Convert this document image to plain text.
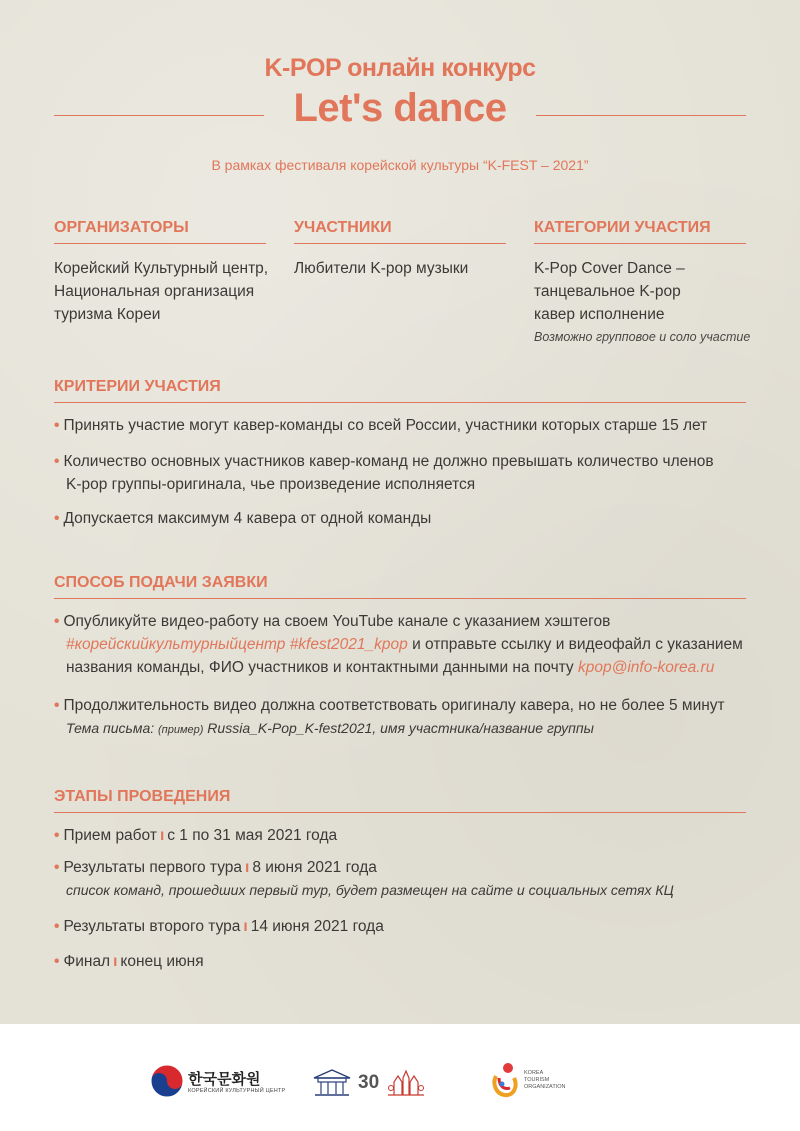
K-POP онлайн конкурс
Let's dance
В рамках фестиваля корейской культуры “K-FEST – 2021”
ОРГАНИЗАТОРЫ
Корейский Культурный центр,
Национальная организация
туризма Кореи
УЧАСТНИКИ
Любители K-pop музыки
КАТЕГОРИИ УЧАСТИЯ
K-Pop Cover Dance –
танцевальное K-pop
кавер исполнение
Возможно групповое и соло участие
КРИТЕРИИ УЧАСТИЯ
• Принять участие могут кавер-команды со всей России, участники которых старше 15 лет
• Количество основных участников кавер-команд не должно превышать количество членов
K-pop группы-оригинала, чье произведение исполняется
• Допускается максимум 4 кавера от одной команды
СПОСОБ ПОДАЧИ ЗАЯВКИ
• Опубликуйте видео-работу на своем YouTube канале с указанием хэштегов
#корейскийкультурныйцентр #kfest2021_kpop и отправьте ссылку и видеофайл с указанием
названия команды, ФИО участников и контактными данными на почту kpop@info-korea.ru
• Продолжительность видео должна соответствовать оригиналу кавера, но не более 5 минут
Тема письма: (пример) Russia_K-Pop_K-fest2021, имя участника/название группы
ЭТАПЫ ПРОВЕДЕНИЯ
• Прием работ ı с 1 по 31 мая 2021 года
• Результаты первого тура ı 8 июня 2021 года
список команд, прошедших первый тур, будет размещен на сайте и социальных сетях КЦ
• Результаты второго тура ı 14 июня 2021 года
• Финал ı конец июня
한국문화원
КОРЕЙСКИЙ КУЛЬТУРНЫЙ ЦЕНТР	30	KOREA
TOURISM
ORGANIZATION
